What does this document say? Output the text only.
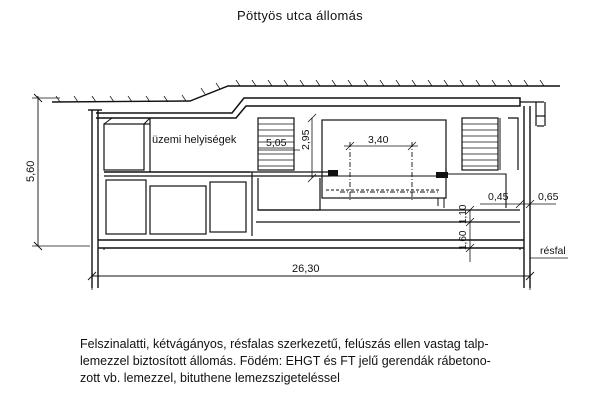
Pöttyös utca állomás
üzemi helyiségek
résfal
5,60
26,30
2,95	3,40
5,05
0,45	0,65
1,60
1,10
Felszinalatti, kétvágányos, résfalas szerkezetű, felúszás ellen vastag talp-
lemezzel biztosított állomás. Födém: EHGT és FT jelű gerendák rábetono-
zott vb. lemezzel, bituthene lemezszigeteléssel
